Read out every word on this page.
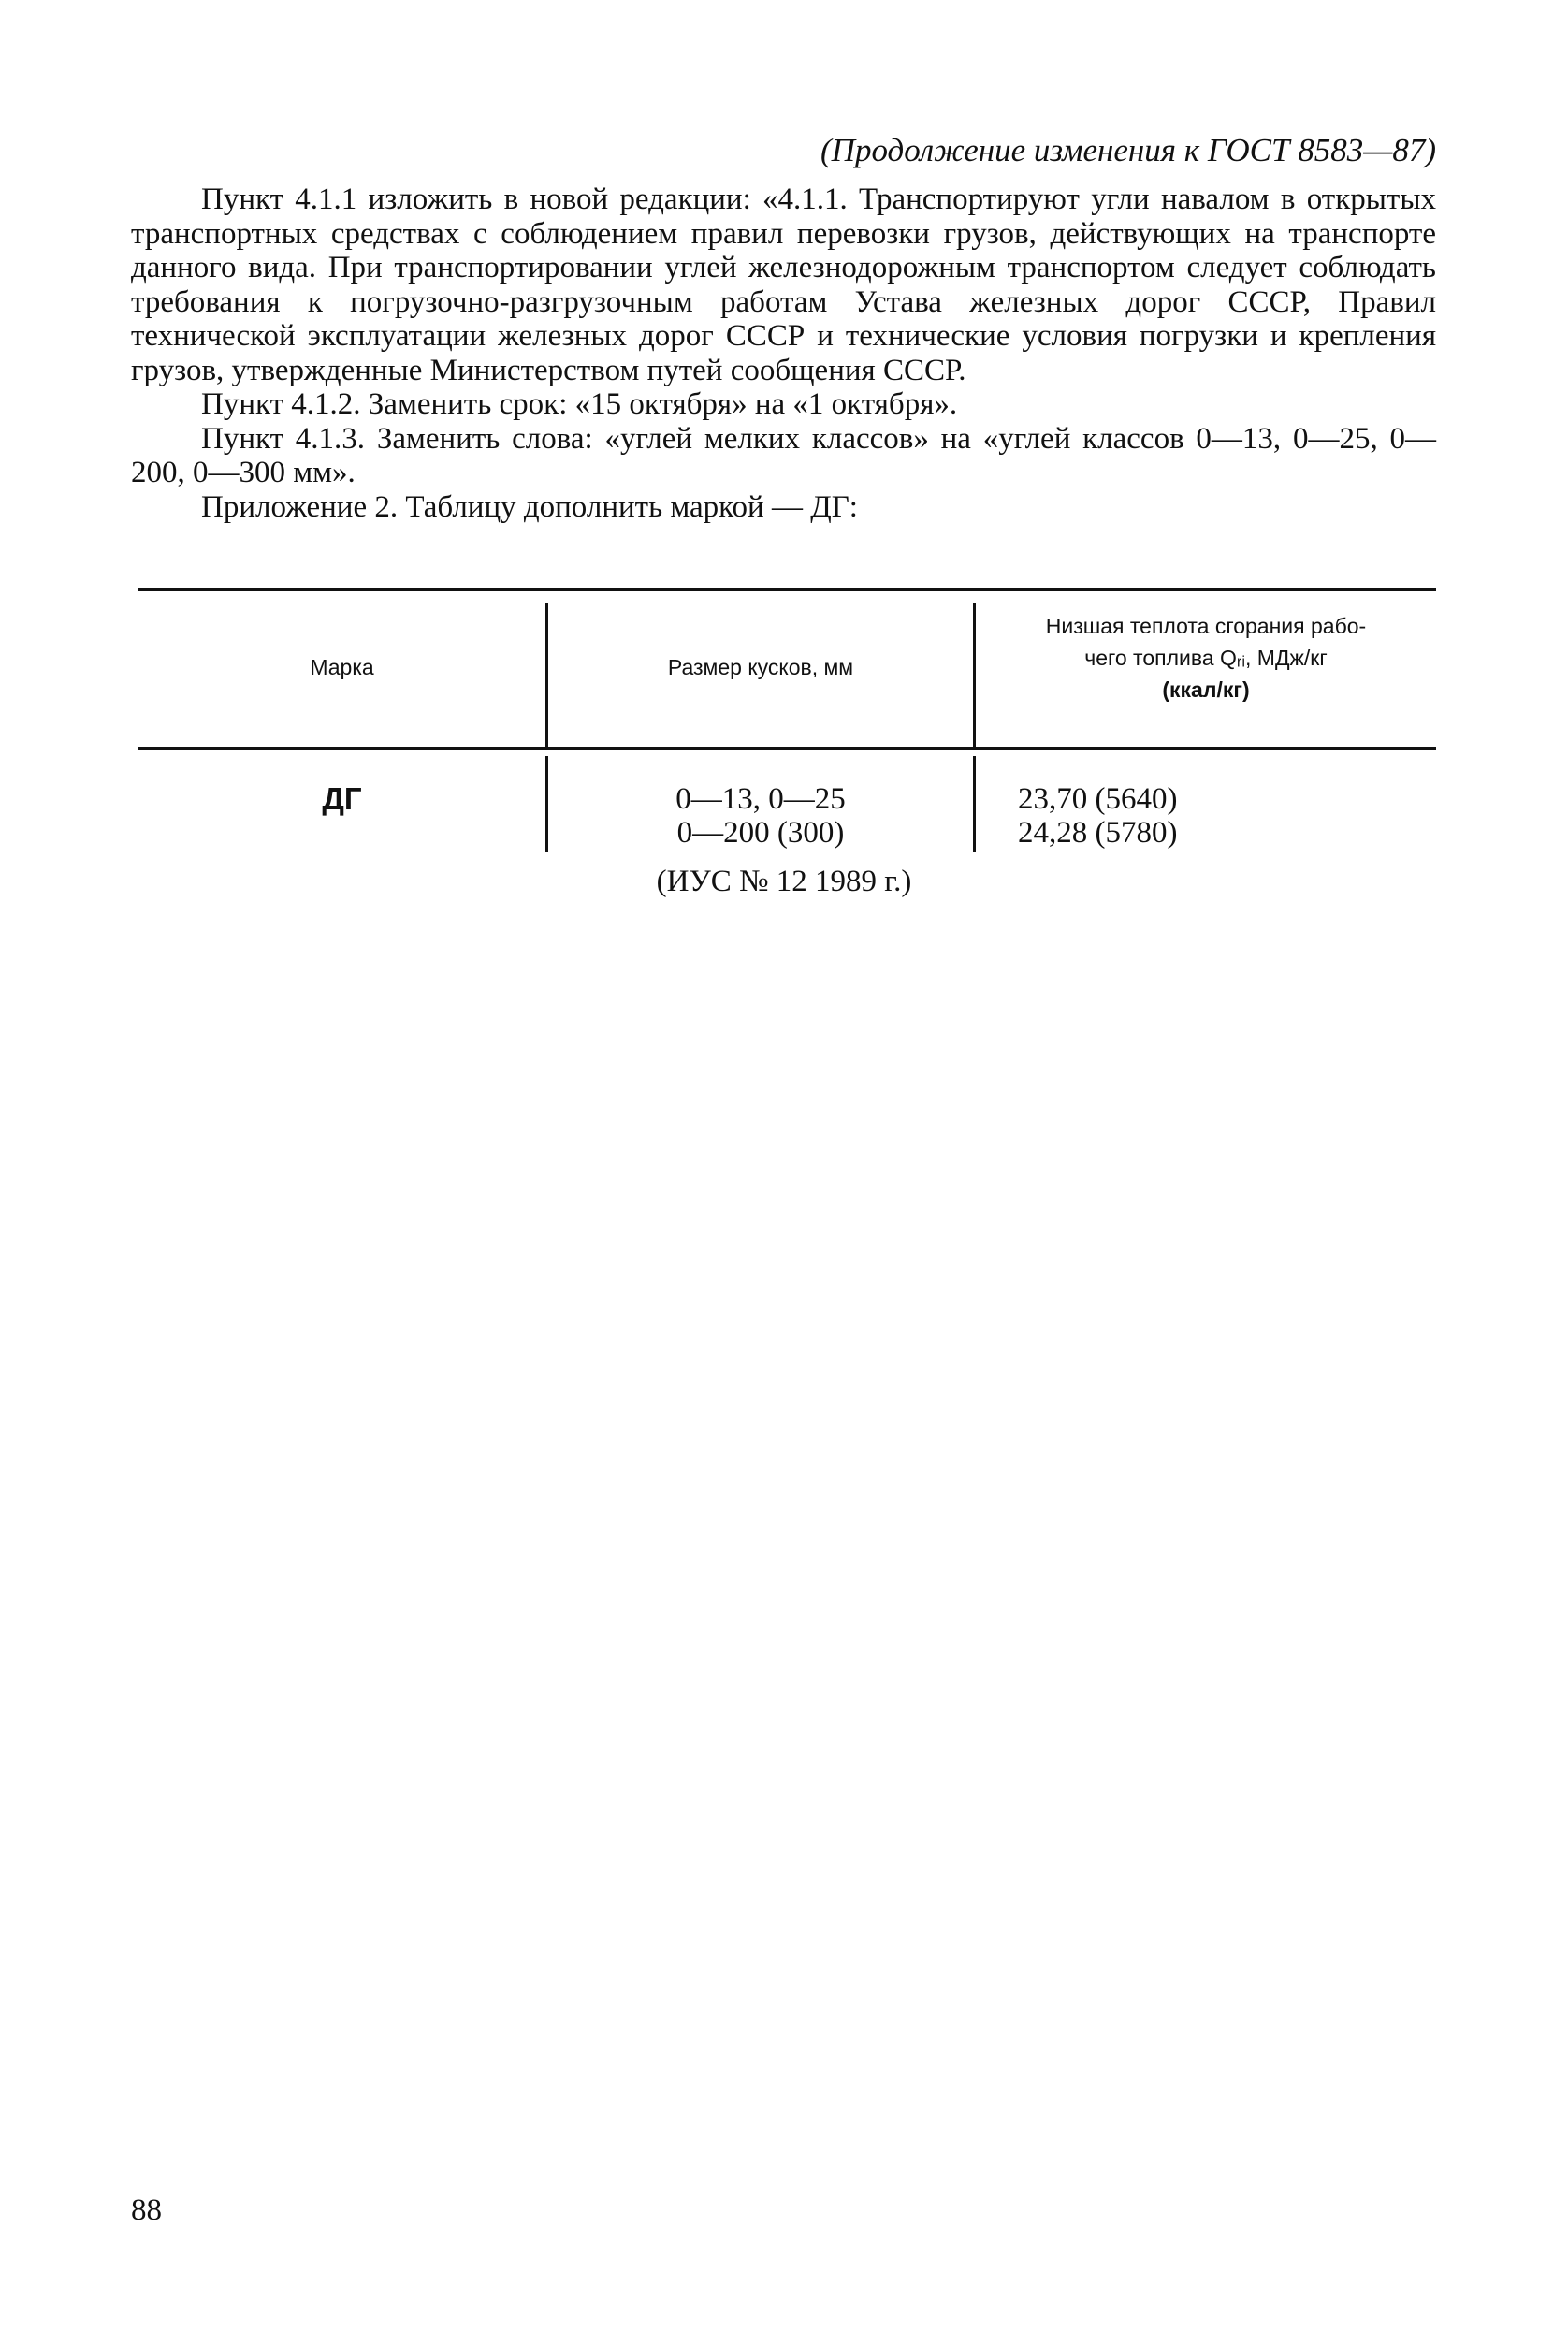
(Продолжение изменения к ГОСТ 8583—87)

Пункт 4.1.1 изложить в новой редакции: «4.1.1. Транспортируют угли навалом в открытых транспортных средствах с соблюдением правил перевозки грузов, действующих на транспорте данного вида. При транспортировании углей железнодорожным транспортом следует соблюдать требования к погрузочно-разгрузочным работам Устава железных дорог СССР, Правил технической эксплуатации железных дорог СССР и технические условия погрузки и крепления грузов, утвержденные Министерством путей сообщения СССР.

Пункт 4.1.2. Заменить срок: «15 октября» на «1 октября».

Пункт 4.1.3. Заменить слова: «углей мелких классов» на «углей классов 0—13, 0—25, 0—200, 0—300 мм».

Приложение 2. Таблицу дополнить маркой — ДГ:

Марка	Размер кусков, мм
Низшая теплота сгорания рабо-
чего топлива Qᵣᵢ, МДж/кг
(ккал/кг)
ДГ	0—13, 0—25
0—200 (300)
23,70 (5640)
24,28 (5780)
(ИУС № 12 1989 г.)
88
